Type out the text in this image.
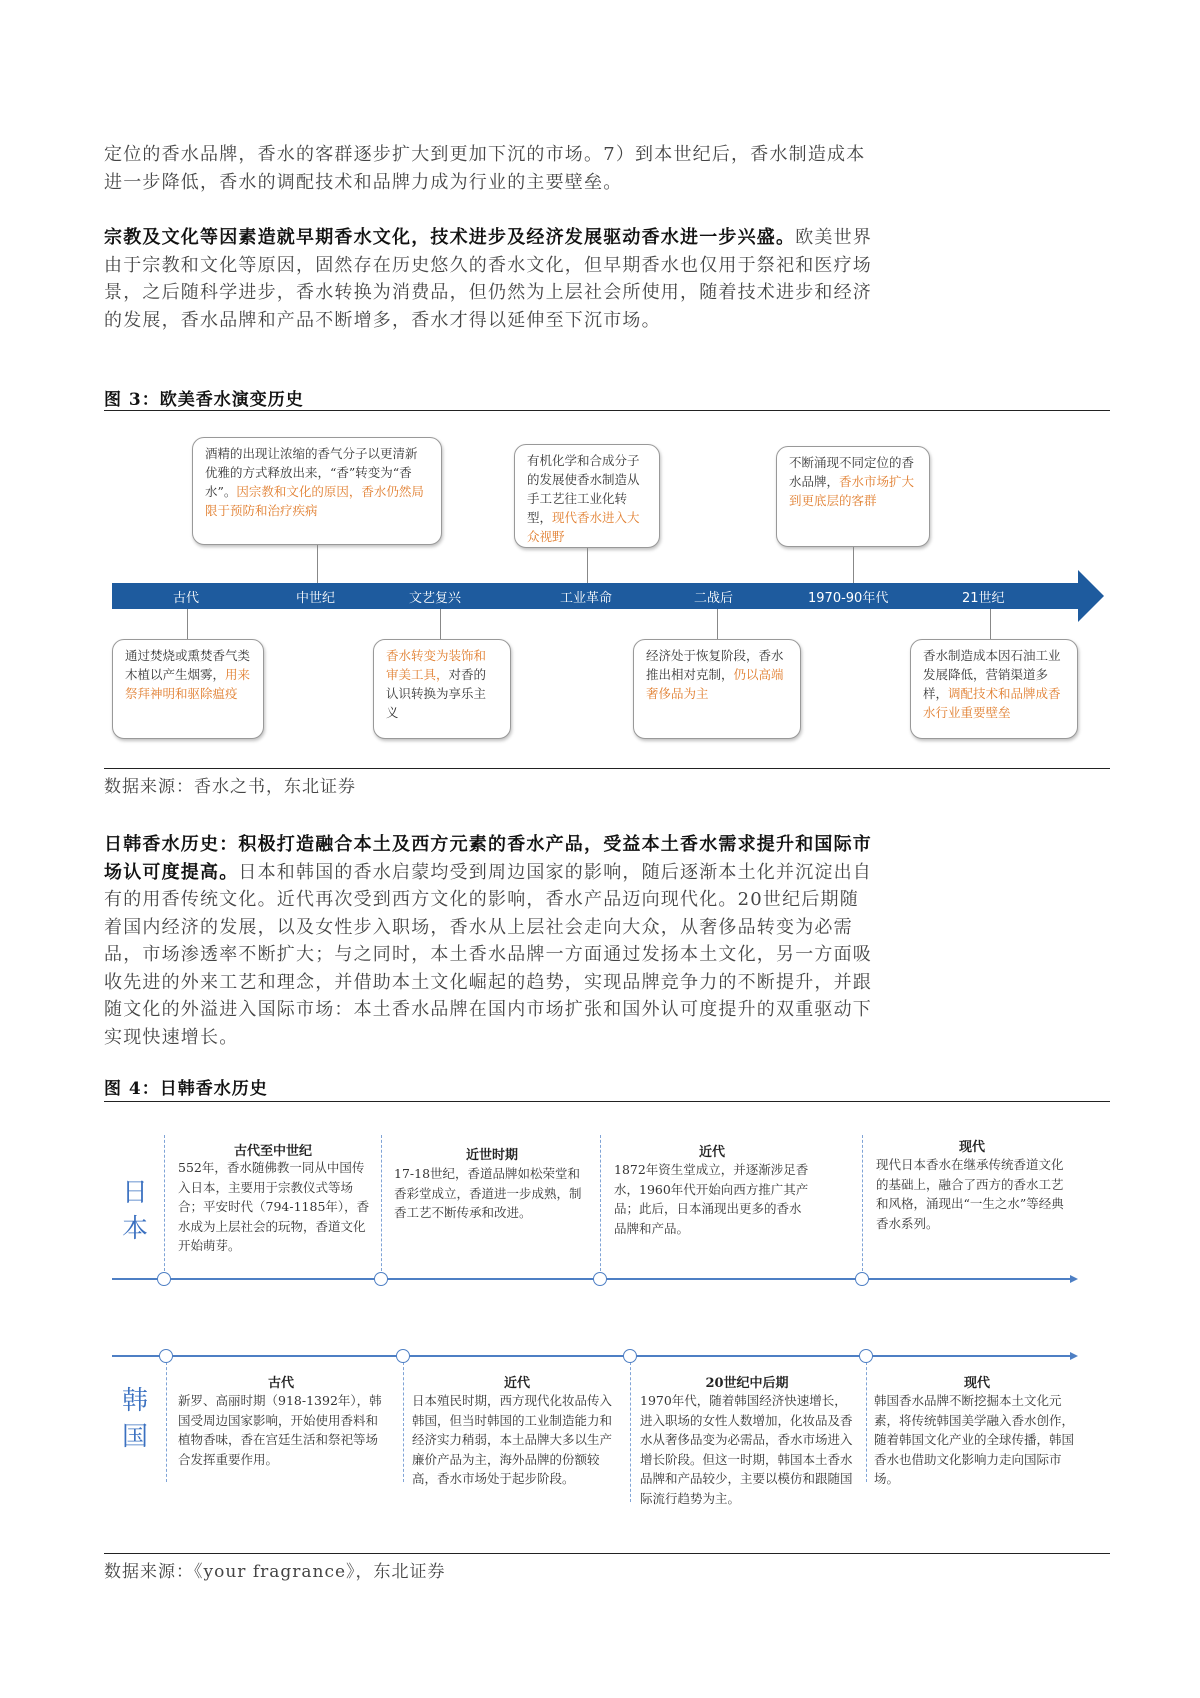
定位的香水品牌，香水的客群逐步扩大到更加下沉的市场。7）到本世纪后，香水制造成本进一步降低，香水的调配技术和品牌力成为行业的主要壁垒。
宗教及文化等因素造就早期香水文化，技术进步及经济发展驱动香水进一步兴盛。欧美世界由于宗教和文化等原因，固然存在历史悠久的香水文化，但早期香水也仅用于祭祀和医疗场景，之后随科学进步，香水转换为消费品，但仍然为上层社会所使用，随着技术进步和经济的发展，香水品牌和产品不断增多，香水才得以延伸至下沉市场。
图 3：欧美香水演变历史
酒精的出现让浓缩的香气分子以更清新优雅的方式释放出来，“香”转变为“香水”。因宗教和文化的原因，香水仍然局限于预防和治疗疾病
有机化学和合成分子的发展使香水制造从手工艺往工业化转型，现代香水进入大众视野
不断涌现不同定位的香水品牌，香水市场扩大到更底层的客群
古代	中世纪	文艺复兴	工业革命	二战后	1970-90年代	21世纪
通过焚烧或熏焚香气类木植以产生烟雾，用来祭拜神明和驱除瘟疫
香水转变为装饰和审美工具，对香的认识转换为享乐主义
经济处于恢复阶段，香水推出相对克制，仍以高端奢侈品为主
香水制造成本因石油工业发展降低，营销渠道多样，调配技术和品牌成香水行业重要壁垒
数据来源：香水之书，东北证券
日韩香水历史：积极打造融合本土及西方元素的香水产品，受益本土香水需求提升和国际市场认可度提高。日本和韩国的香水启蒙均受到周边国家的影响，随后逐渐本土化并沉淀出自有的用香传统文化。近代再次受到西方文化的影响，香水产品迈向现代化。20世纪后期随着国内经济的发展，以及女性步入职场，香水从上层社会走向大众，从奢侈品转变为必需品，市场渗透率不断扩大；与之同时，本土香水品牌一方面通过发扬本土文化，另一方面吸收先进的外来工艺和理念，并借助本土文化崛起的趋势，实现品牌竞争力的不断提升，并跟随文化的外溢进入国际市场：本土香水品牌在国内市场扩张和国外认可度提升的双重驱动下实现快速增长。
图 4：日韩香水历史
日本
古代至中世纪
552年，香水随佛教一同从中国传入日本，主要用于宗教仪式等场合；平安时代（794-1185年），香水成为上层社会的玩物，香道文化开始萌芽。
近世时期
17-18世纪，香道品牌如松荣堂和香彩堂成立，香道进一步成熟，制香工艺不断传承和改进。
近代
1872年资生堂成立，并逐渐涉足香水，1960年代开始向西方推广其产品；此后，日本涌现出更多的香水品牌和产品。
现代
现代日本香水在继承传统香道文化的基础上，融合了西方的香水工艺和风格，涌现出“一生之水”等经典香水系列。
韩国
古代
新罗、高丽时期（918-1392年），韩国受周边国家影响，开始使用香料和植物香味，香在宫廷生活和祭祀等场合发挥重要作用。
近代
日本殖民时期，西方现代化妆品传入韩国，但当时韩国的工业制造能力和经济实力稍弱，本土品牌大多以生产廉价产品为主，海外品牌的份额较高，香水市场处于起步阶段。
20世纪中后期
1970年代，随着韩国经济快速增长，进入职场的女性人数增加，化妆品及香水从奢侈品变为必需品，香水市场进入增长阶段。但这一时期，韩国本土香水品牌和产品较少，主要以模仿和跟随国际流行趋势为主。
现代
韩国香水品牌不断挖掘本土文化元素，将传统韩国美学融入香水创作，随着韩国文化产业的全球传播，韩国香水也借助文化影响力走向国际市场。
数据来源：《your fragrance》，东北证券
